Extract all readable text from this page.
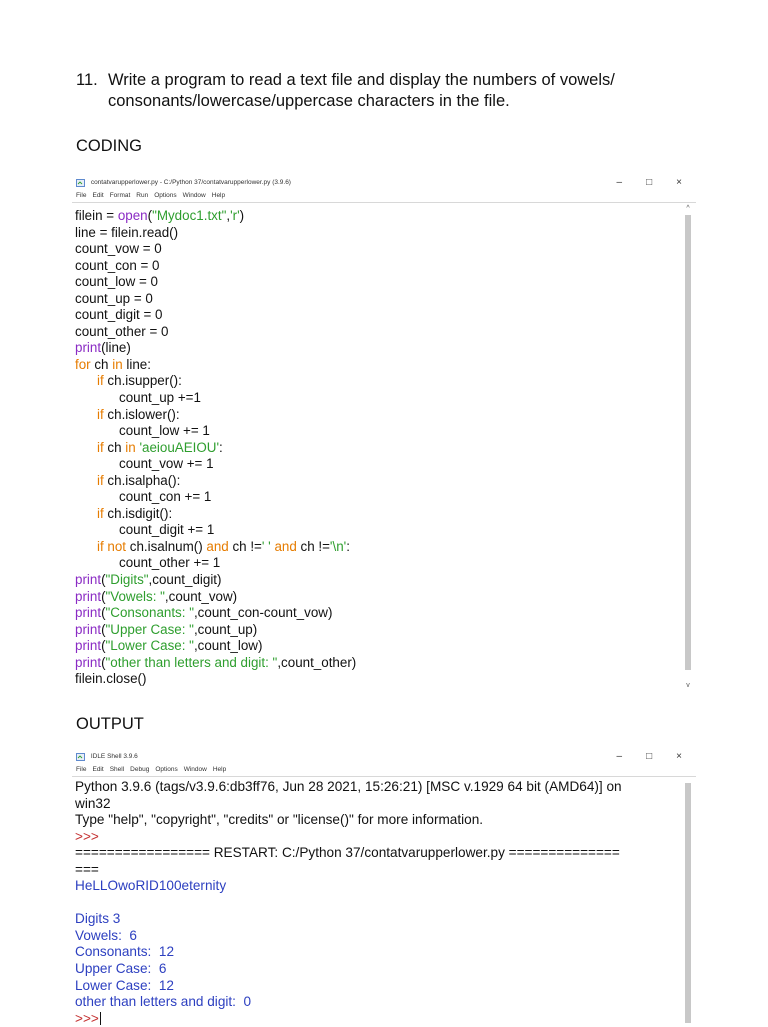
11. Write a program to read a text file and display the numbers of vowels/
consonants/lowercase/uppercase characters in the file.
CODING
contatvarupperlower.py - C:/Python 37/contatvarupperlower.py (3.9.6)	– □ ×
File Edit Format Run Options Window Help
filein = open("Mydoc1.txt",'r')
line = filein.read()
count_vow = 0
count_con = 0
count_low = 0
count_up = 0
count_digit = 0
count_other = 0
print(line)
for ch in line:
if ch.isupper():
count_up +=1
if ch.islower():
count_low += 1
if ch in 'aeiouAEIOU':
count_vow += 1
if ch.isalpha():
count_con += 1
if ch.isdigit():
count_digit += 1
if not ch.isalnum() and ch !=' ' and ch !='\n':
count_other += 1
print("Digits",count_digit)
print("Vowels: ",count_vow)
print("Consonants: ",count_con-count_vow)
print("Upper Case: ",count_up)
print("Lower Case: ",count_low)
print("other than letters and digit: ",count_other)
filein.close()
^
v
OUTPUT
IDLE Shell 3.9.6	– □ ×
File Edit Shell Debug Options Window Help
Python 3.9.6 (tags/v3.9.6:db3ff76, Jun 28 2021, 15:26:21) [MSC v.1929 64 bit (AMD64)] on
win32
Type "help", "copyright", "credits" or "license()" for more information.
>>>
================= RESTART: C:/Python 37/contatvarupperlower.py ==============
===
HeLLOwoRID100eternity
Digits 3
Vowels:  6
Consonants:  12
Upper Case:  6
Lower Case:  12
other than letters and digit:  0
>>>
